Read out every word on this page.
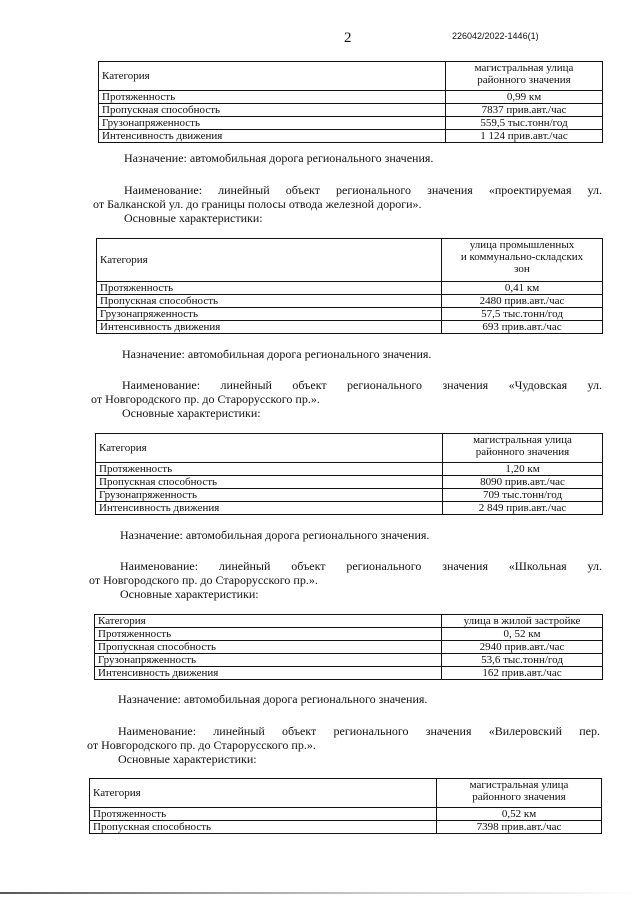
2	226042/2022-1446(1)
Категория	магистральная улица
районного значения
Протяженность	0,99 км
Пропускная способность	7837 прив.авт./час
Грузонапряженность	559,5 тыс.тонн/год
Интенсивность движения	1 124 прив.авт./час
Назначение: автомобильная дорога регионального значения.
Наименование: линейный объект регионального значения «проектируемая ул.
от Балканской ул. до границы полосы отвода железной дороги».
Основные характеристики:
Категория	улица промышленных
и коммунально-складских
зон
Протяженность	0,41 км
Пропускная способность	2480 прив.авт./час
Грузонапряженность	57,5 тыс.тонн/год
Интенсивность движения	693 прив.авт./час
Назначение: автомобильная дорога регионального значения.
Наименование: линейный объект регионального значения «Чудовская ул.
от Новгородского пр. до Старорусского пр.».
Основные характеристики:
Категория	магистральная улица
районного значения
Протяженность	1,20 км
Пропускная способность	8090 прив.авт./час
Грузонапряженность	709 тыс.тонн/год
Интенсивность движения	2 849 прив.авт./час
Назначение: автомобильная дорога регионального значения.
Наименование: линейный объект регионального значения «Школьная ул.
от Новгородского пр. до Старорусского пр.».
Основные характеристики:
Категория	улица в жилой застройке
Протяженность	0, 52 км
Пропускная способность	2940 прив.авт./час
Грузонапряженность	53,6 тыс.тонн/год
Интенсивность движения	162 прив.авт./час
Назначение: автомобильная дорога регионального значения.
Наименование: линейный объект регионального значения «Вилеровский пер.
от Новгородского пр. до Старорусского пр.».
Основные характеристики:
Категория	магистральная улица
районного значения
Протяженность	0,52 км
Пропускная способность	7398 прив.авт./час
